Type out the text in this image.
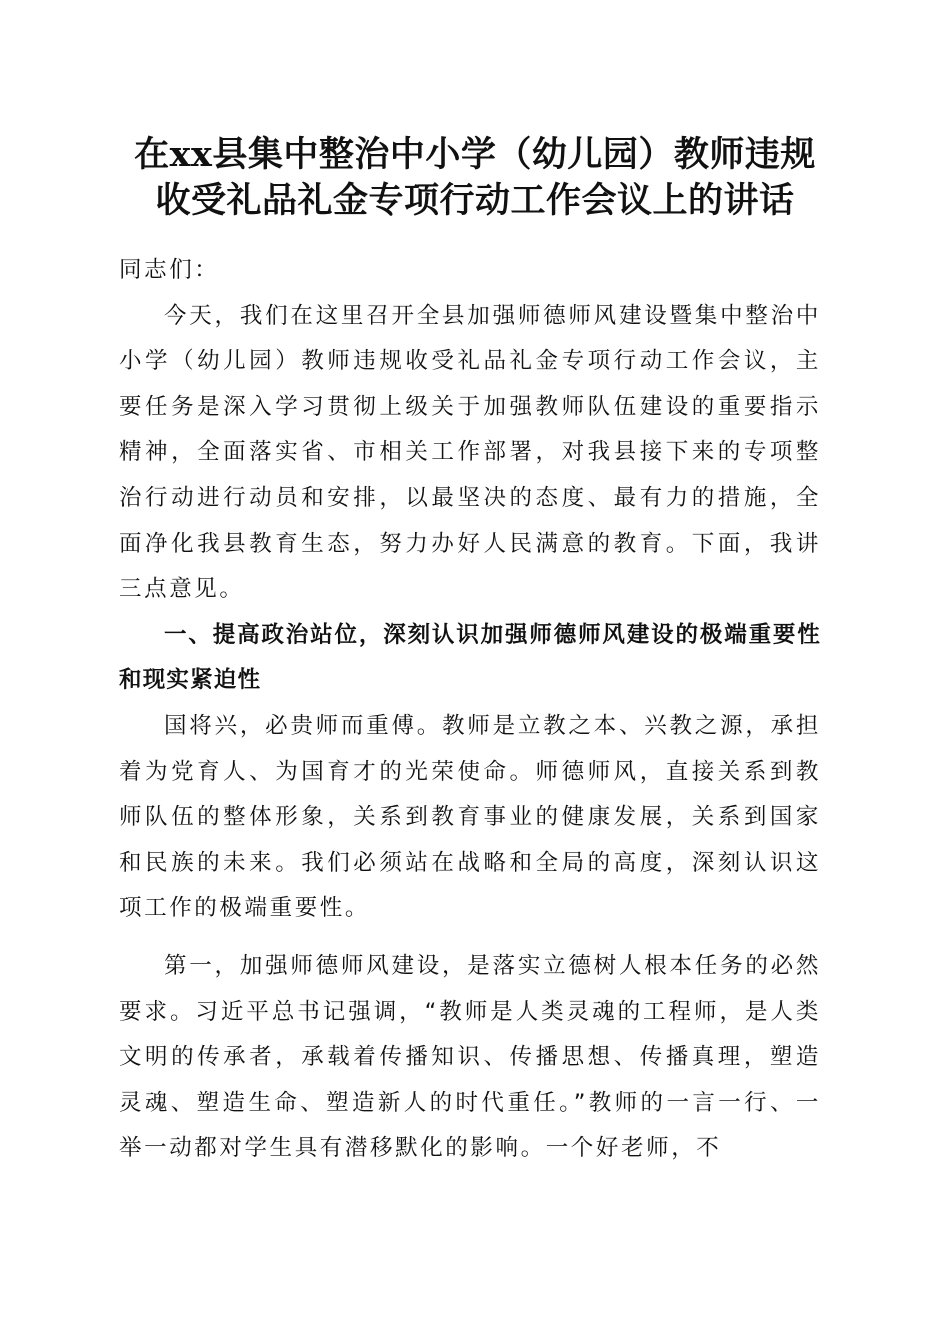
在xx县集中整治中小学（幼儿园）教师违规
收受礼品礼金专项行动工作会议上的讲话

同志们：

今天，我们在这里召开全县加强师德师风建设暨集中整治中小学（幼儿园）教师违规收受礼品礼金专项行动工作会议，主要任务是深入学习贯彻上级关于加强教师队伍建设的重要指示精神，全面落实省、市相关工作部署，对我县接下来的专项整治行动进行动员和安排，以最坚决的态度、最有力的措施，全面净化我县教育生态，努力办好人民满意的教育。下面，我讲三点意见。

一、提高政治站位，深刻认识加强师德师风建设的极端重要性和现实紧迫性

国将兴，必贵师而重傅。教师是立教之本、兴教之源，承担着为党育人、为国育才的光荣使命。师德师风，直接关系到教师队伍的整体形象，关系到教育事业的健康发展，关系到国家和民族的未来。我们必须站在战略和全局的高度，深刻认识这项工作的极端重要性。

第一，加强师德师风建设，是落实立德树人根本任务的必然要求。习近平总书记强调，“教师是人类灵魂的工程师，是人类文明的传承者，承载着传播知识、传播思想、传播真理，塑造灵魂、塑造生命、塑造新人的时代重任。”教师的一言一行、一举一动都对学生具有潜移默化的影响。一个好老师，不
